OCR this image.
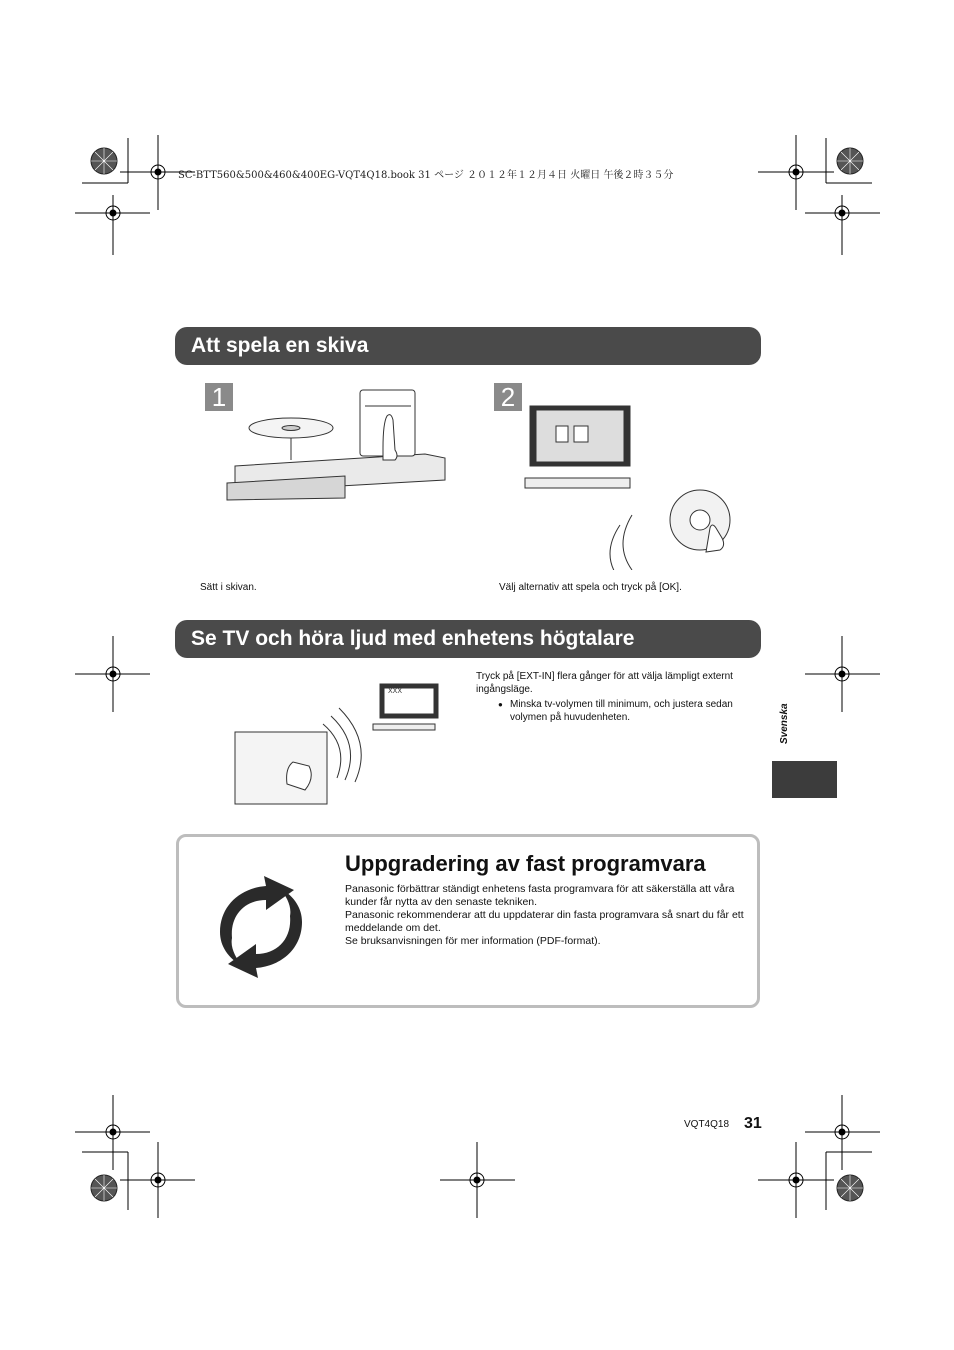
SC-BTT560&500&460&400EG-VQT4Q18.book 31 ページ ２０１２年１２月４日 火曜日 午後２時３５分
Att spela en skiva
1	2
Sätt i skivan.	Välj alternativ att spela och tryck på [OK].
Se TV och höra ljud med enhetens högtalare
XXX
Tryck på [EXT-IN] flera gånger för att välja lämpligt externt ingångsläge.
● Minska tv-volymen till minimum, och justera sedan volymen på huvudenheten.	Svenska
Uppgradering av fast programvara

Panasonic förbättrar ständigt enhetens fasta programvara för att säkerställa att våra kunder får nytta av den senaste tekniken.

Panasonic rekommenderar att du uppdaterar din fasta programvara så snart du får ett meddelande om det.

Se bruksanvisningen för mer information (PDF-format).

VQT4Q18 31
